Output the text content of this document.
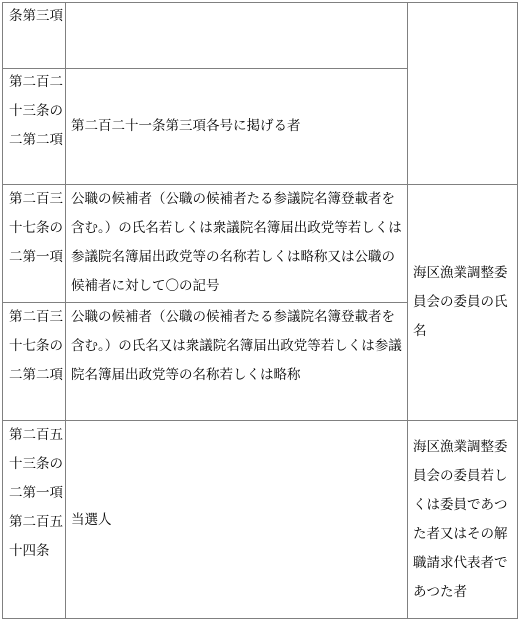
条第三項
第二百二十三条の二第二項
第二百二十一条第三項各号に掲げる者
第二百三十七条の二第一項
公職の候補者（公職の候補者たる参議院名簿登載者を含む。）の氏名若しくは衆議院名簿届出政党等若しくは参議院名簿届出政党等の名称若しくは略称又は公職の候補者に対して〇の記号
第二百三十七条の二第二項
公職の候補者（公職の候補者たる参議院名簿登載者を含む。）の氏名又は衆議院名簿届出政党等若しくは参議院名簿届出政党等の名称若しくは略称
海区漁業調整委員会の委員の氏名
第二百五十三条の二第一項第二百五十四条
当選人
海区漁業調整委員会の委員若しくは委員であつた者又はその解職請求代表者であつた者
